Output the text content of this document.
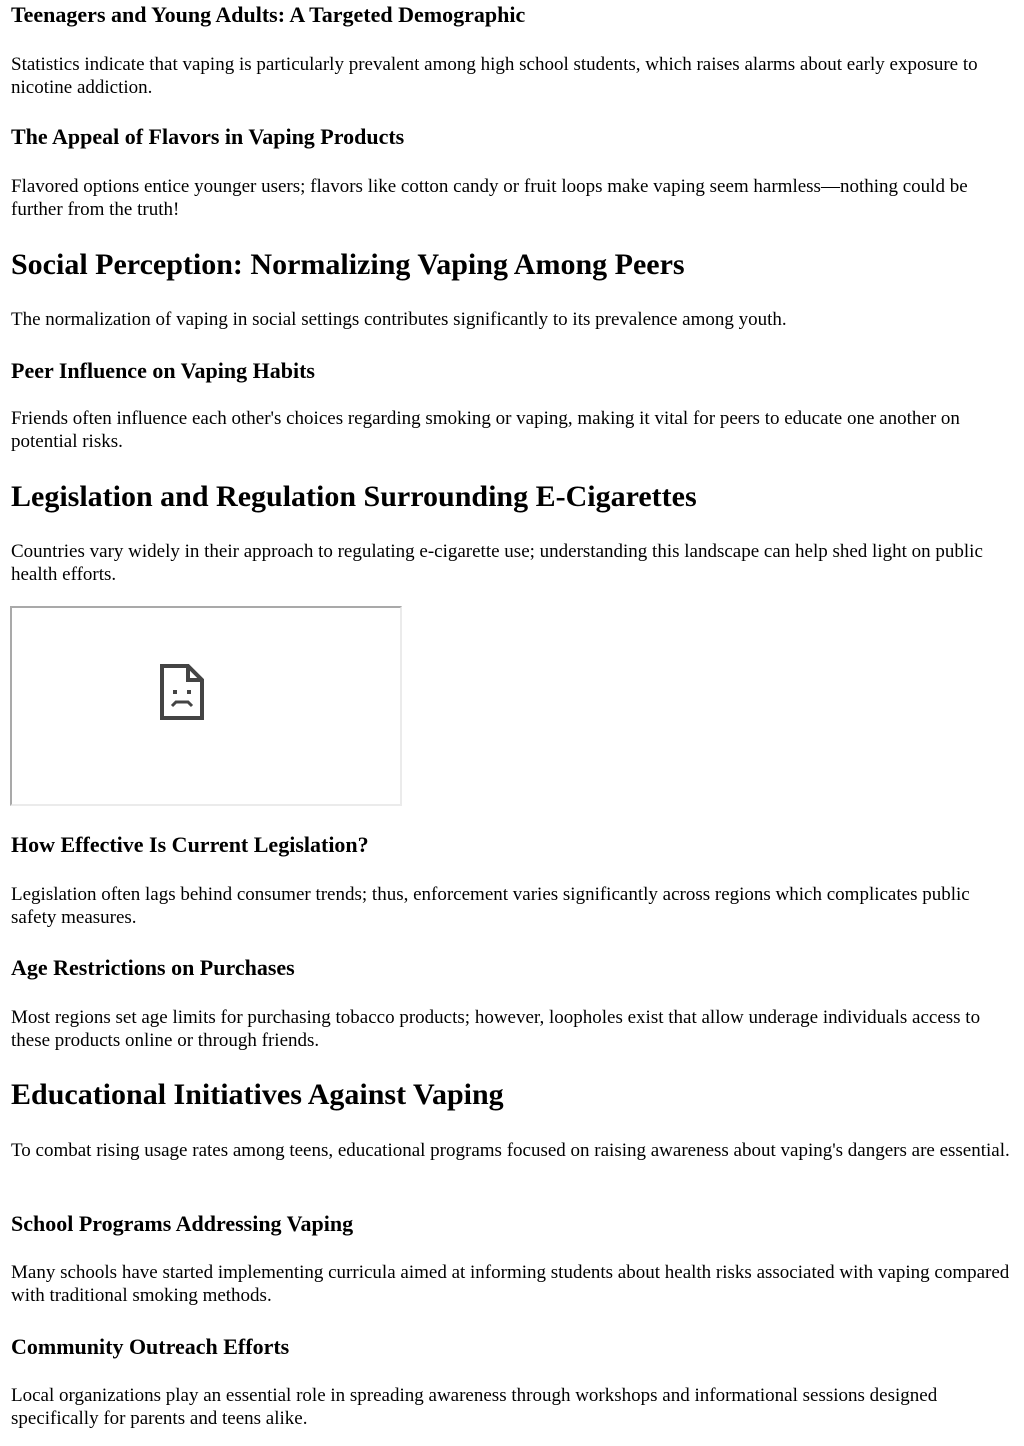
Teenagers and Young Adults: A Targeted Demographic

Statistics indicate that vaping is particularly prevalent among high school students, which raises alarms about early exposure to nicotine addiction.

The Appeal of Flavors in Vaping Products

Flavored options entice younger users; flavors like cotton candy or fruit loops make vaping seem harmless—nothing could be further from the truth!

Social Perception: Normalizing Vaping Among Peers

The normalization of vaping in social settings contributes significantly to its prevalence among youth.

Peer Influence on Vaping Habits

Friends often influence each other's choices regarding smoking or vaping, making it vital for peers to educate one another on potential risks.

Legislation and Regulation Surrounding E-Cigarettes

Countries vary widely in their approach to regulating e-cigarette use; understanding this landscape can help shed light on public health efforts.

How Effective Is Current Legislation?

Legislation often lags behind consumer trends; thus, enforcement varies significantly across regions which complicates public safety measures.

Age Restrictions on Purchases

Most regions set age limits for purchasing tobacco products; however, loopholes exist that allow underage individuals access to these products online or through friends.

Educational Initiatives Against Vaping

To combat rising usage rates among teens, educational programs focused on raising awareness about vaping's dangers are essential.

School Programs Addressing Vaping

Many schools have started implementing curricula aimed at informing students about health risks associated with vaping compared with traditional smoking methods.

Community Outreach Efforts

Local organizations play an essential role in spreading awareness through workshops and informational sessions designed specifically for parents and teens alike.
